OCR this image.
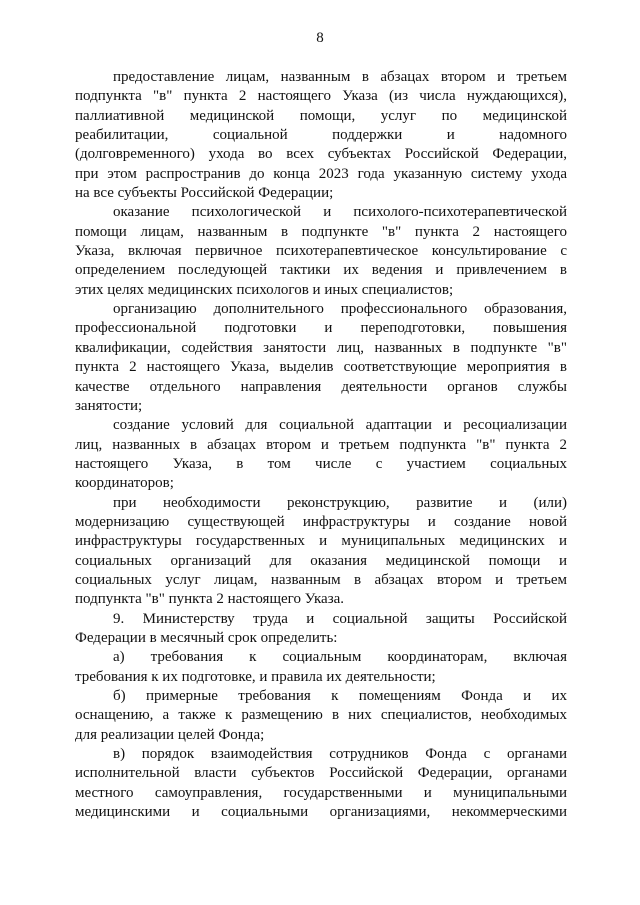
8
предоставление лицам, названным в абзацах втором и третьем
подпункта "в" пункта 2 настоящего Указа (из числа нуждающихся),
паллиативной медицинской помощи, услуг по медицинской
реабилитации, социальной поддержки и надомного
(долговременного) ухода во всех субъектах Российской Федерации,
при этом распространив до конца 2023 года указанную систему ухода
на все субъекты Российской Федерации;
оказание психологической и психолого-психотерапевтической
помощи лицам, названным в подпункте "в" пункта 2 настоящего
Указа, включая первичное психотерапевтическое консультирование с
определением последующей тактики их ведения и привлечением в
этих целях медицинских психологов и иных специалистов;
организацию дополнительного профессионального образования,
профессиональной подготовки и переподготовки, повышения
квалификации, содействия занятости лиц, названных в подпункте "в"
пункта 2 настоящего Указа, выделив соответствующие мероприятия в
качестве отдельного направления деятельности органов службы
занятости;
создание условий для социальной адаптации и ресоциализации
лиц, названных в абзацах втором и третьем подпункта "в" пункта 2
настоящего Указа, в том числе с участием социальных
координаторов;
при необходимости реконструкцию, развитие и (или)
модернизацию существующей инфраструктуры и создание новой
инфраструктуры государственных и муниципальных медицинских и
социальных организаций для оказания медицинской помощи и
социальных услуг лицам, названным в абзацах втором и третьем
подпункта "в" пункта 2 настоящего Указа.
9. Министерству труда и социальной защиты Российской
Федерации в месячный срок определить:
а) требования к социальным координаторам, включая
требования к их подготовке, и правила их деятельности;
б) примерные требования к помещениям Фонда и их
оснащению, а также к размещению в них специалистов, необходимых
для реализации целей Фонда;
в) порядок взаимодействия сотрудников Фонда с органами
исполнительной власти субъектов Российской Федерации, органами
местного самоуправления, государственными и муниципальными
медицинскими и социальными организациями, некоммерческими
